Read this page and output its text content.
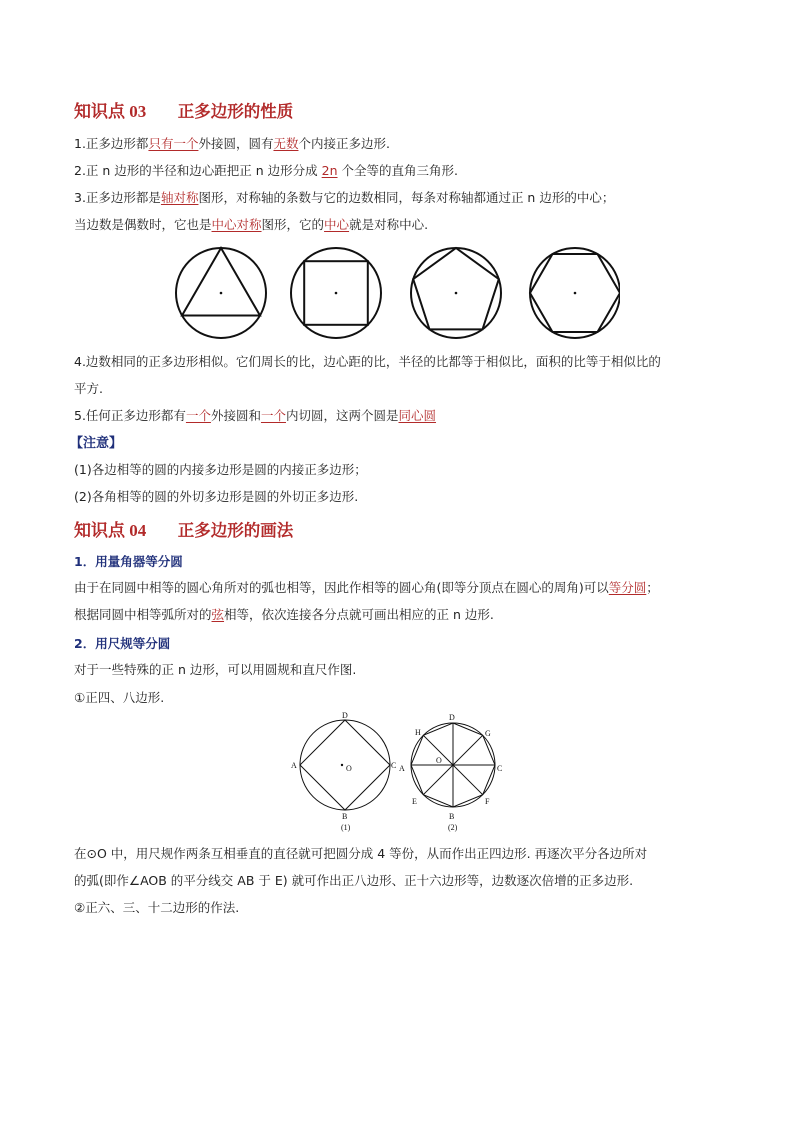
知识点 03 正多边形的性质
1.正多边形都只有一个外接圆，圆有无数个内接正多边形.
2.正 n 边形的半径和边心距把正 n 边形分成 2n 个全等的直角三角形.
3.正多边形都是轴对称图形，对称轴的条数与它的边数相同，每条对称轴都通过正 n 边形的中心；
当边数是偶数时，它也是中心对称图形，它的中心就是对称中心.
4.边数相同的正多边形相似。它们周长的比，边心距的比，半径的比都等于相似比，面积的比等于相似比的
平方.
5.任何正多边形都有一个外接圆和一个内切圆，这两个圆是同心圆
【注意】
(1)各边相等的圆的内接多边形是圆的内接正多边形；
(2)各角相等的圆的外切多边形是圆的外切正多边形.
知识点 04 正多边形的画法
1．用量角器等分圆
由于在同圆中相等的圆心角所对的弧也相等，因此作相等的圆心角(即等分顶点在圆心的周角)可以等分圆；
根据同圆中相等弧所对的弦相等，依次连接各分点就可画出相应的正 n 边形.
2．用尺规等分圆
对于一些特殊的正 n 边形，可以用圆规和直尺作图.
①正四、八边形.
D
A	C
B
O
(1)
D
H	G
A	C
O
E	F
B
(2)
在⊙O 中，用尺规作两条互相垂直的直径就可把圆分成 4 等份，从而作出正四边形. 再逐次平分各边所对
的弧(即作∠AOB 的平分线交 AB 于 E) 就可作出正八边形、正十六边形等，边数逐次倍增的正多边形.
②正六、三、十二边形的作法.
